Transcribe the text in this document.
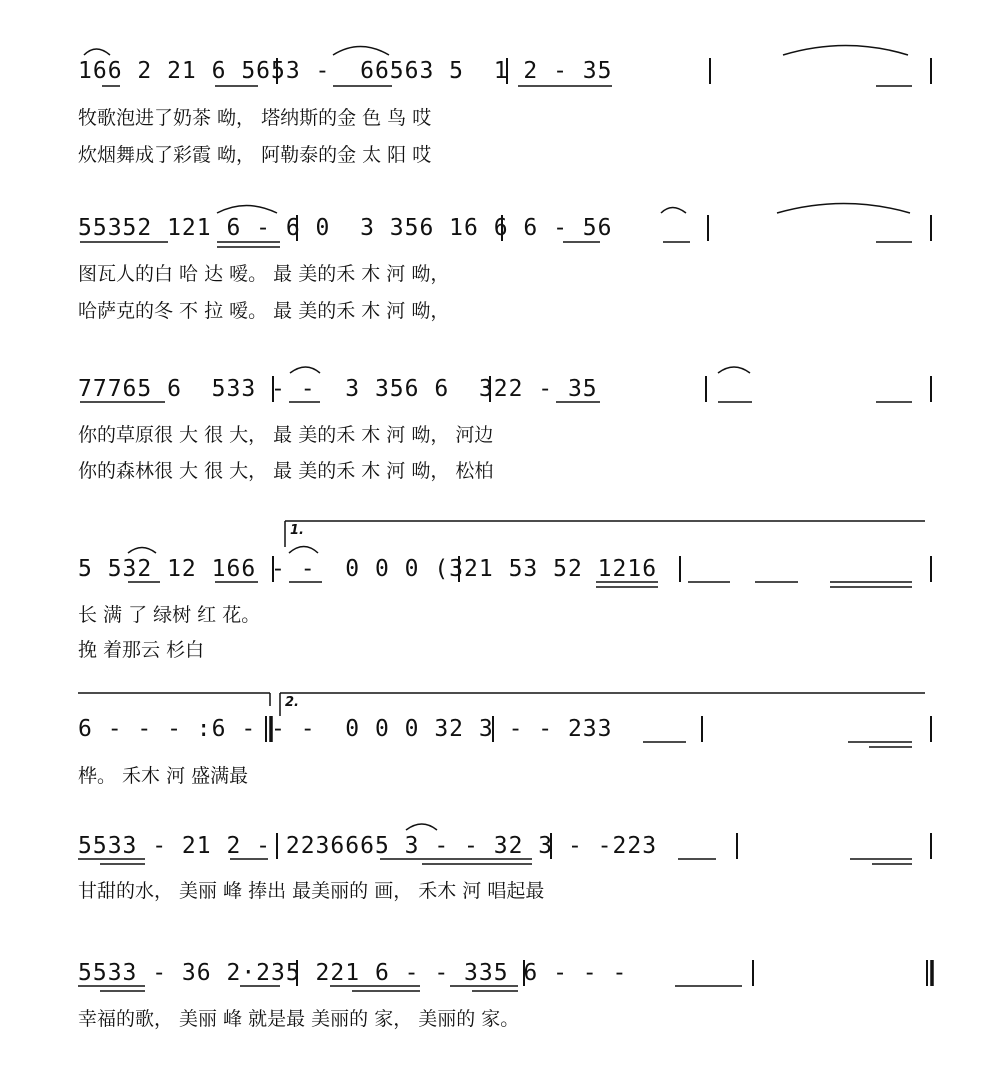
166 2 21 6 5653 -  66563 5  1 2 - 35
牧歌泡进了奶茶 呦， 塔纳斯的金 色 鸟 哎
炊烟舞成了彩霞 呦， 阿勒泰的金 太 阳 哎
55352 121 6 - 6 0  3 356 16 6 6 - 56
图瓦人的白 哈 达 嗳。 最 美的禾 木 河 呦，
哈萨克的冬 不 拉 嗳。 最 美的禾 木 河 呦，
77765 6  533 - -  3 356 6  322 - 35
你的草原很 大 很 大， 最 美的禾 木 河 呦， 河边
你的森林很 大 很 大， 最 美的禾 木 河 呦， 松柏
1.
5 532 12 166 - -  0 0 0 (321 53 52 1216
长 满 了 绿树 红 花。
挽 着那云 杉白
2.
6 - - - :6 - - -  0 0 0 32 3 - - 233
桦。 禾木 河 盛满最
5533 - 21 2 - 2236665 3 - - 32 3 - -223
甘甜的水， 美丽 峰 捧出 最美丽的 画， 禾木 河 唱起最
5533 - 36 2·235 221 6 - - 335 6 - - -
幸福的歌， 美丽 峰 就是最 美丽的 家， 美丽的 家。
